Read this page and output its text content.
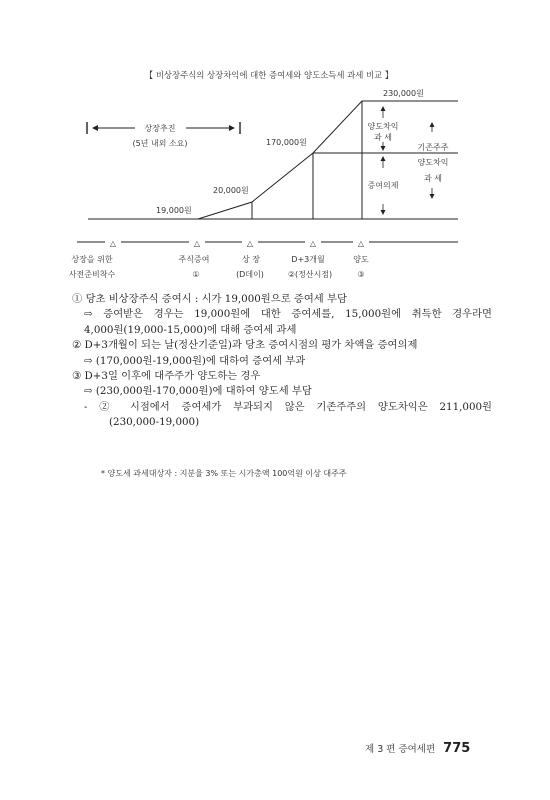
【 비상장주식의 상장차익에 대한 증여세와 양도소득세 과세 비교 】
230,000원
170,000원
20,000원
19,000원
상장추진
(5년 내외 소요)
양도차익
과 세
증여의제
기존주주
양도차익
과 세
△	△	△	△	△
상장을 위한
사전준비착수
주식증여
①
상 장
(D데이)
D+3개월
②(정산시점)
양도
③
① 당초 비상장주식 증여시 : 시가 19,000원으로 증여세 부담
⇨ 증여받은 경우는 19,000원에 대한 증여세를, 15,000원에 취득한 경우라면
4,000원(19,000-15,000)에 대해 증여세 과세
② D+3개월이 되는 날(정산기준일)과 당초 증여시점의 평가 차액을 증여의제
⇨ (170,000원-19,000원)에 대하여 증여세 부과
③ D+3일 이후에 대주주가 양도하는 경우
⇨ (230,000원-170,000원)에 대하여 양도세 부담
- ② 시점에서 증여세가 부과되지 않은 기존주주의 양도차익은 211,000원
(230,000-19,000)
* 양도세 과세대상자 : 지분율 3% 또는 시가총액 100억원 이상 대주주
제 3 편 증여세편 775
